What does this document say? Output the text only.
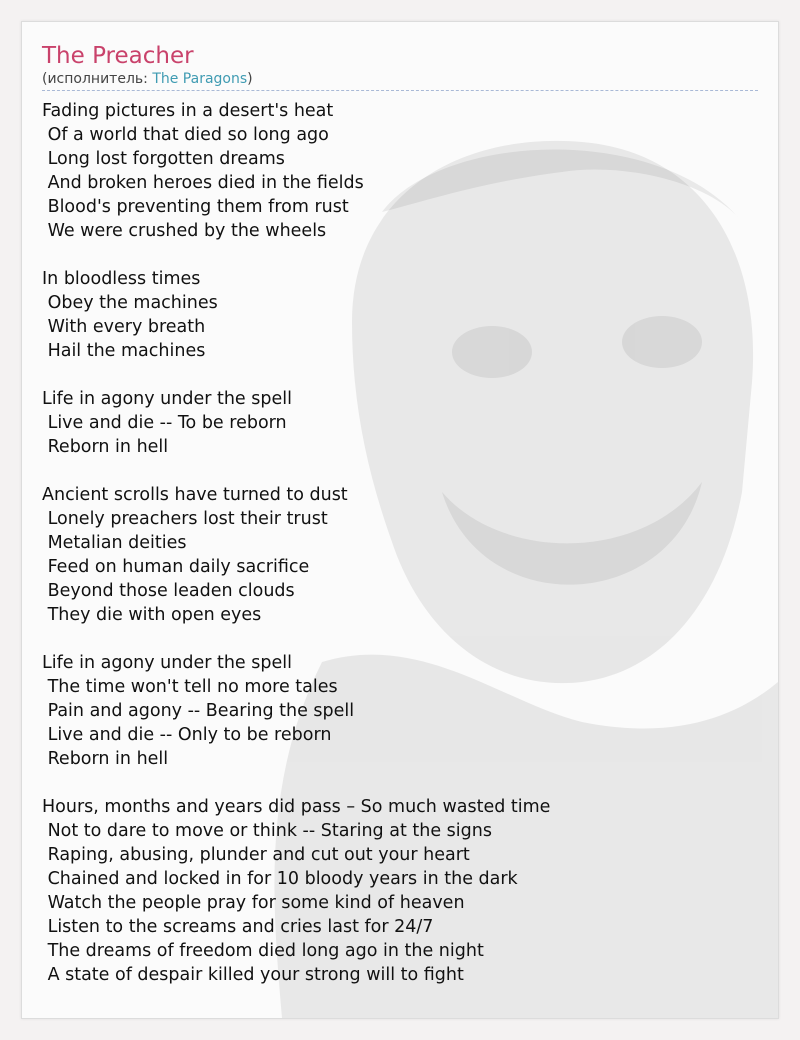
The Preacher
(исполнитель: The Paragons)
Fading pictures in a desert's heat
Of a world that died so long ago
Long lost forgotten dreams
And broken heroes died in the fields
Blood's preventing them from rust
We were crushed by the wheels
In bloodless times
Obey the machines
With every breath
Hail the machines
Life in agony under the spell
Live and die -- To be reborn
Reborn in hell
Ancient scrolls have turned to dust
Lonely preachers lost their trust
Metalian deities
Feed on human daily sacrifice
Beyond those leaden clouds
They die with open eyes
Life in agony under the spell
The time won't tell no more tales
Pain and agony -- Bearing the spell
Live and die -- Only to be reborn
Reborn in hell
Hours, months and years did pass – So much wasted time
Not to dare to move or think -- Staring at the signs
Raping, abusing, plunder and cut out your heart
Chained and locked in for 10 bloody years in the dark
Watch the people pray for some kind of heaven
Listen to the screams and cries last for 24/7
The dreams of freedom died long ago in the night
A state of despair killed your strong will to fight
